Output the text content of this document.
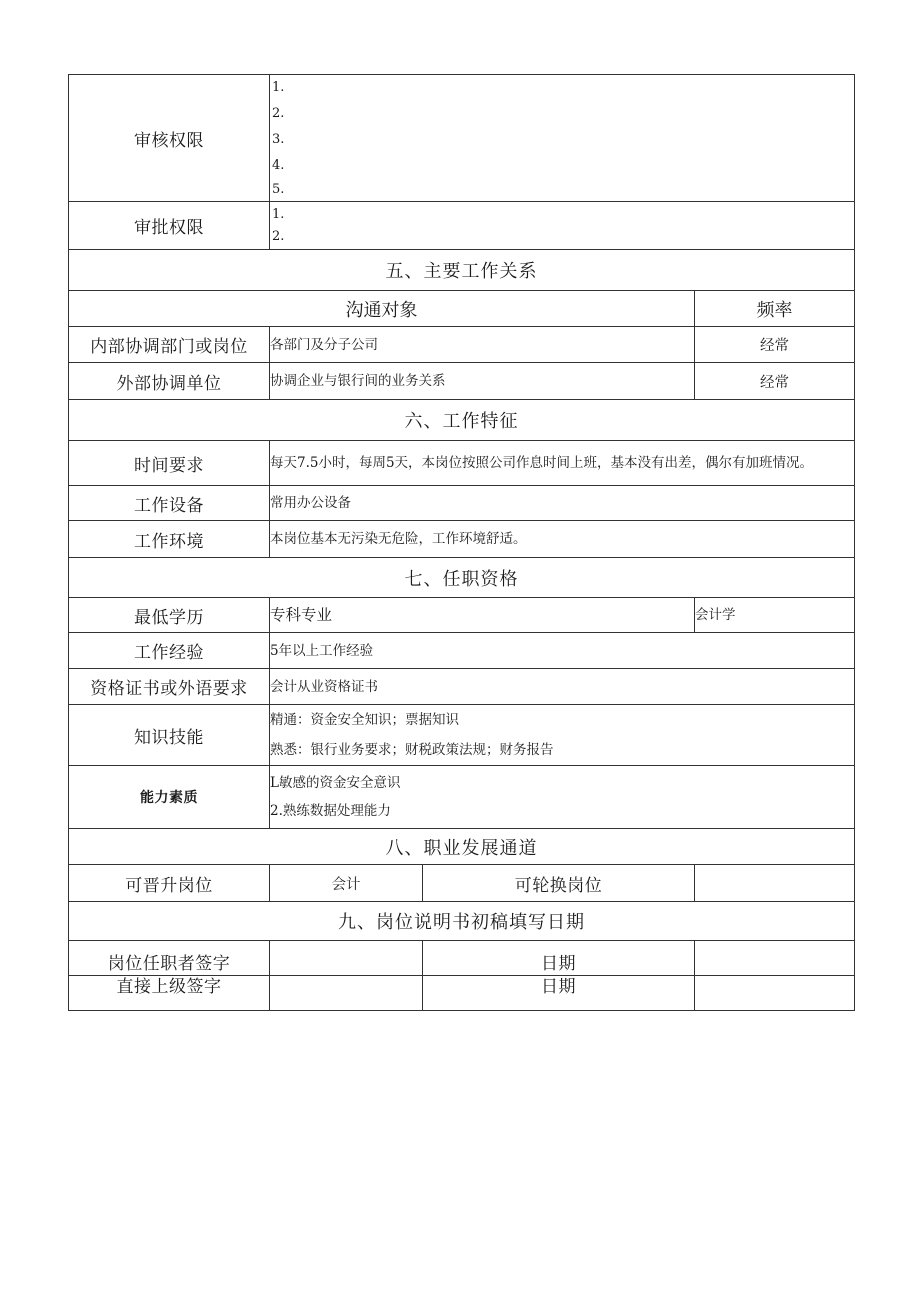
审核权限	1.
2.
3.
4.
5.		

审批权限	1.
2.		

五、主要工作关系			
沟通对象			频率
内部协调部门或岗位	各部门及分子公司		经常
外部协调单位	协调企业与银行间的业务关系		经常
六、工作特征			
时间要求	每天7.5小时，每周5天，本岗位按照公司作息时间上班，基本没有出差，偶尔有加班情况。		

工作设备	常用办公设备		
工作环境	本岗位基本无污染无危险，工作环境舒适。		
七、任职资格			
最低学历	专科专业		会计学
工作经验	5年以上工作经验		
资格证书或外语要求	会计从业资格证书		
知识技能	精通：资金安全知识；票据知识
熟悉：银行业务要求；财税政策法规；财务报告		

能力素质	L敏感的资金安全意识
2.熟练数据处理能力		

八、职业发展通道			
可晋升岗位	会计	可轮换岗位	
九、岗位说明书初稿填写日期			
岗位任职者签字		日期	
直接上级签字		日期	
